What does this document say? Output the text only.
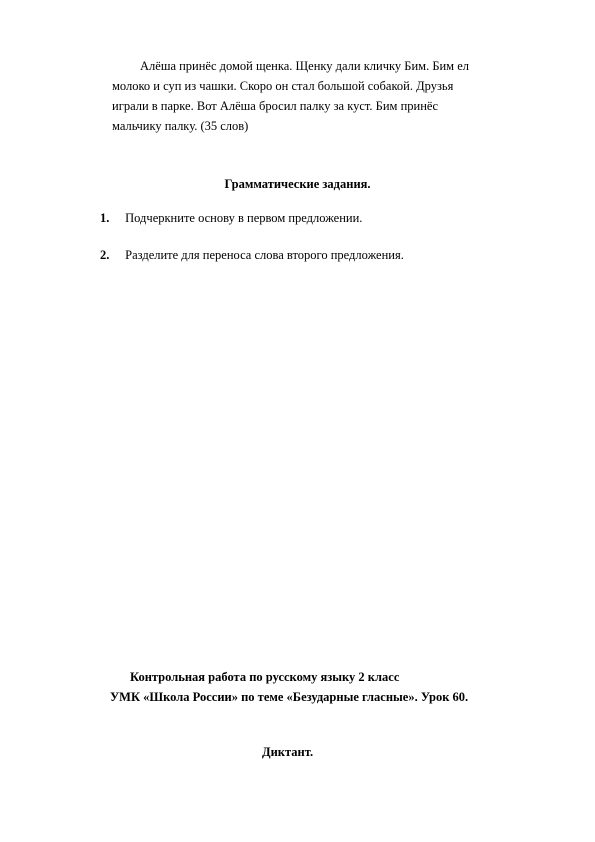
Алёша принёс домой щенка. Щенку дали кличку Бим. Бим ел

молоко и суп из чашки. Скоро он стал большой собакой. Друзья

играли в парке. Вот Алёша бросил палку за куст. Бим принёс

мальчику палку. (35 слов)

Грамматические задания.
1. Подчеркните основу в первом предложении.
2. Разделите для переноса слова второго предложения.
Контрольная работа по русскому языку 2 класс
УМК «Школа России» по теме «Безударные гласные». Урок 60.
Диктант.
